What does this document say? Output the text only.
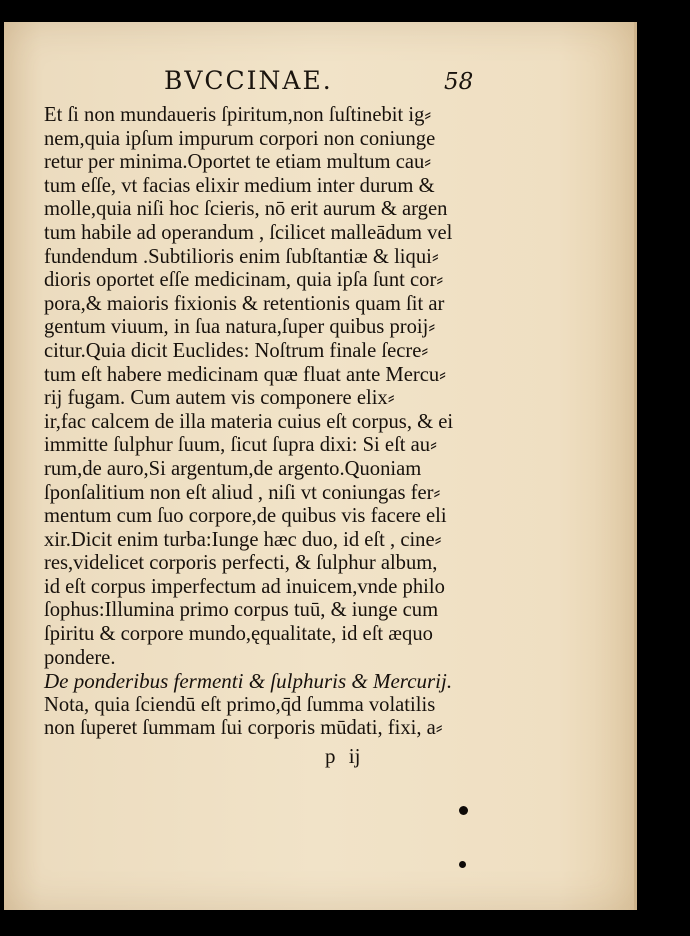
BVCCINAE.	58
Et ſi non mundaueris ſpiritum,non ſuſtinebit ig⸗
nem,quia ipſum impurum corpori non coniunge
retur per minima.Oportet te etiam multum cau⸗
tum eſſe, vt facias elixir medium inter durum &
molle,quia niſi hoc ſcieris, nō erit aurum & argen
tum habile ad operandum , ſcilicet malleādum vel
fundendum .Subtilioris enim ſubſtantiæ & liqui⸗
dioris oportet eſſe medicinam, quia ipſa ſunt cor⸗
pora,& maioris fixionis & retentionis quam ſit ar
gentum viuum, in ſua natura,ſuper quibus proij⸗
citur.Quia dicit Euclides: Noſtrum finale ſecre⸗
tum eſt habere medicinam quæ fluat ante Mercu⸗
rij fugam. Cum autem vis componere elix⸗
ir,fac calcem de illa materia cuius eſt corpus, & ei
immitte ſulphur ſuum, ſicut ſupra dixi: Si eſt au⸗
rum,de auro,Si argentum,de argento.Quoniam
ſponſalitium non eſt aliud , niſi vt coniungas fer⸗
mentum cum ſuo corpore,de quibus vis facere eli
xir.Dicit enim turba:Iunge hæc duo, id eſt , cine⸗
res,videlicet corporis perfecti, & ſulphur album,
id eſt corpus imperfectum ad inuicem,vnde philo
ſophus:Illumina primo corpus tuū, & iunge cum
ſpiritu & corpore mundo,ęqualitate, id eſt æquo
pondere.
De ponderibus fermenti & ſulphuris & Mercurij.
Nota, quia ſciendū eſt primo,q̄d ſumma volatilis
non ſuperet ſummam ſui corporis mūdati, fixi, a⸗
p ij
